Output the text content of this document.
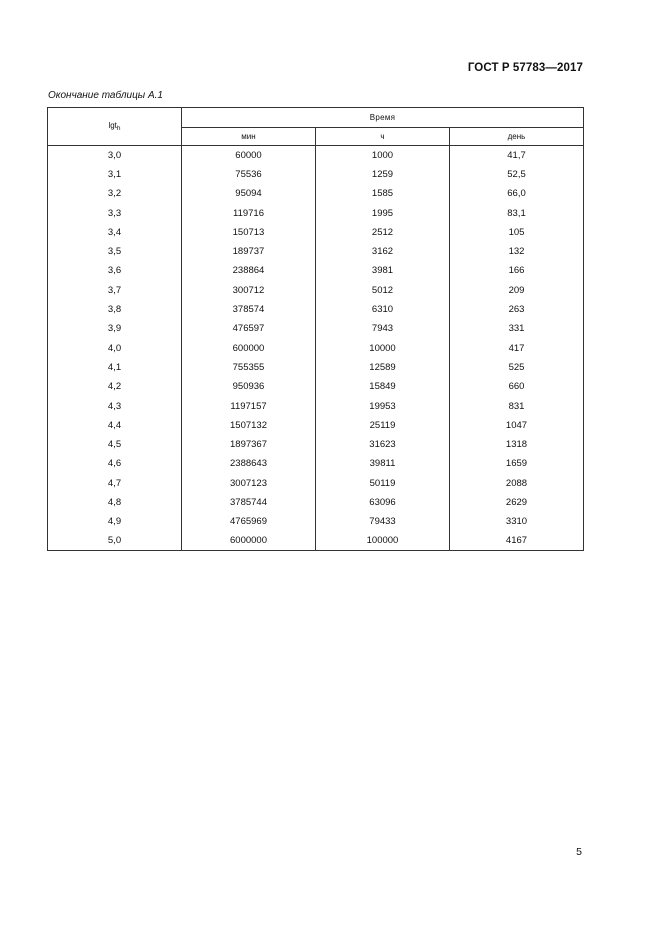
ГОСТ Р 57783—2017
Окончание таблицы А.1
lgt$_h$	Время		
	мин	ч	день
3,0	60000	1000	41,7
3,1	75536	1259	52,5
3,2	95094	1585	66,0
3,3	119716	1995	83,1
3,4	150713	2512	105
3,5	189737	3162	132
3,6	238864	3981	166
3,7	300712	5012	209
3,8	378574	6310	263
3,9	476597	7943	331
4,0	600000	10000	417
4,1	755355	12589	525
4,2	950936	15849	660
4,3	1197157	19953	831
4,4	1507132	25119	1047
4,5	1897367	31623	1318
4,6	2388643	39811	1659
4,7	3007123	50119	2088
4,8	3785744	63096	2629
4,9	4765969	79433	3310
5,0	6000000	100000	4167
5
